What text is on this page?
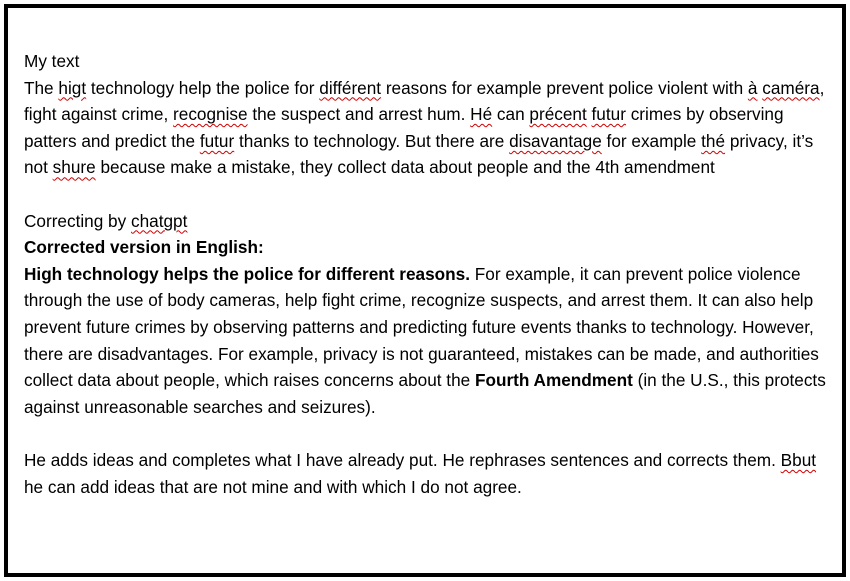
My text

The higt technology help the police for différent reasons for example prevent police violent with à caméra, fight against crime, recognise the suspect and arrest hum. Hé can précent futur crimes by observing patters and predict the futur thanks to technology. But there are disavantage for example thé privacy, it’s not shure because make a mistake, they collect data about people and the 4th amendment

Correcting by chatgpt

Corrected version in English:

High technology helps the police for different reasons. For example, it can prevent police violence through the use of body cameras, help fight crime, recognize suspects, and arrest them. It can also help prevent future crimes by observing patterns and predicting future events thanks to technology. However, there are disadvantages. For example, privacy is not guaranteed, mistakes can be made, and authorities collect data about people, which raises concerns about the Fourth Amendment (in the U.S., this protects against unreasonable searches and seizures).

He adds ideas and completes what I have already put. He rephrases sentences and corrects them. Bbut he can add ideas that are not mine and with which I do not agree.
